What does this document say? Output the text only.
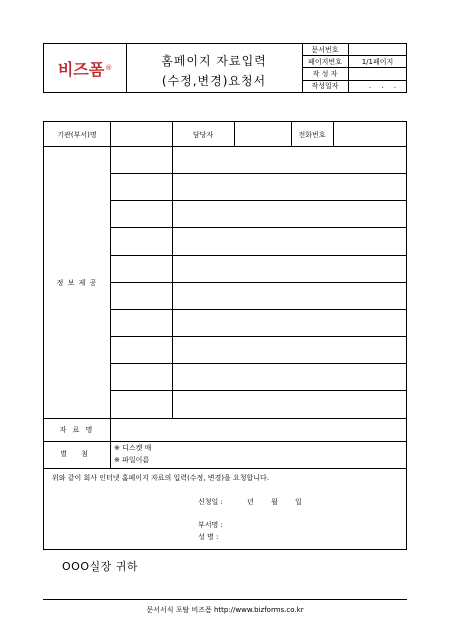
비즈폼 ®	홈페이지 자료입력
(수정,변경)요청서
문서번호	
페이지번호	1/1페이지
작 성 자	
작성일자	. . .
기관(부서)명	담당자	전화번호
정 보 제 공
자 료 명
별 첨
※ 디스켓 매
※ 파일이름
위와 같이 회사 인터넷 홈페이지 자료의 입력(수정, 변경)을 요청합니다.
신청일 :	년 월 일
부서명 :
성 명 :
OOO실장 귀하
문서서식 포탈 비즈폼 http://www.bizforms.co.kr
